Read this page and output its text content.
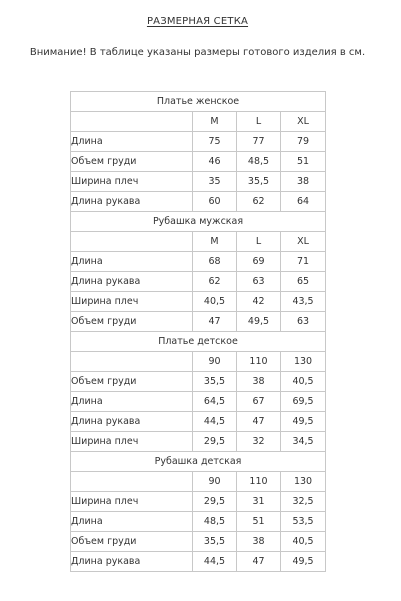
РАЗМЕРНАЯ СЕТКА
Внимание! В таблице указаны размеры готового изделия в см.
Платье женское			
	M	L	XL
Длина	75	77	79
Объем груди	46	48,5	51
Ширина плеч	35	35,5	38
Длина рукава	60	62	64
Рубашка мужская			
	M	L	XL
Длина	68	69	71
Длина рукава	62	63	65
Ширина плеч	40,5	42	43,5
Объем груди	47	49,5	63
Платье детское			
	90	110	130
Объем груди	35,5	38	40,5
Длина	64,5	67	69,5
Длина рукава	44,5	47	49,5
Ширина плеч	29,5	32	34,5
Рубашка детская			
	90	110	130
Ширина плеч	29,5	31	32,5
Длина	48,5	51	53,5
Объем груди	35,5	38	40,5
Длина рукава	44,5	47	49,5
